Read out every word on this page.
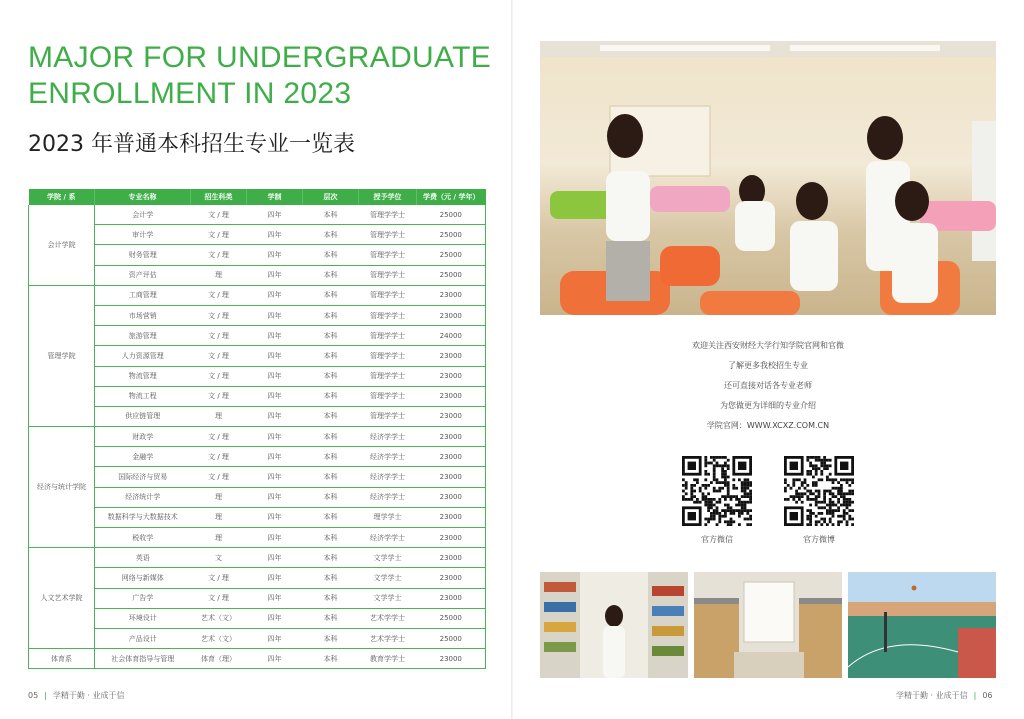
MAJOR FOR UNDERGRADUATE
ENROLLMENT IN 2023
2023 年普通本科招生专业一览表
学院 / 系	专业名称	招生科类	学制	层次	授予学位	学费（元 / 学年）
会计学院	会计学	文 / 理	四年	本科	管理学学士	25000
	审计学	文 / 理	四年	本科	管理学学士	25000
	财务管理	文 / 理	四年	本科	管理学学士	25000
	资产评估	理	四年	本科	管理学学士	25000
管理学院	工商管理	文 / 理	四年	本科	管理学学士	23000
	市场营销	文 / 理	四年	本科	管理学学士	23000
	旅游管理	文 / 理	四年	本科	管理学学士	24000
	人力资源管理	文 / 理	四年	本科	管理学学士	23000
	物流管理	文 / 理	四年	本科	管理学学士	23000
	物流工程	文 / 理	四年	本科	管理学学士	23000
	供应链管理	理	四年	本科	管理学学士	23000
经济与统计学院	财政学	文 / 理	四年	本科	经济学学士	23000
	金融学	文 / 理	四年	本科	经济学学士	23000
	国际经济与贸易	文 / 理	四年	本科	经济学学士	23000
	经济统计学	理	四年	本科	经济学学士	23000
	数据科学与大数据技术	理	四年	本科	理学学士	23000
	税收学	理	四年	本科	经济学学士	23000
人文艺术学院	英语	文	四年	本科	文学学士	23000
	网络与新媒体	文 / 理	四年	本科	文学学士	23000
	广告学	文 / 理	四年	本科	文学学士	23000
	环境设计	艺术（文）	四年	本科	艺术学学士	25000
	产品设计	艺术（文）	四年	本科	艺术学学士	25000
体育系	社会体育指导与管理	体育（理）	四年	本科	教育学学士	23000
05 | 学精于勤 · 业成于信
欢迎关注西安财经大学行知学院官网和官微
了解更多我校招生专业
还可直接对话各专业老师
为您做更为详细的专业介绍
学院官网：WWW.XCXZ.COM.CN
官方微信	官方微博
学精于勤 · 业成于信 | 06
